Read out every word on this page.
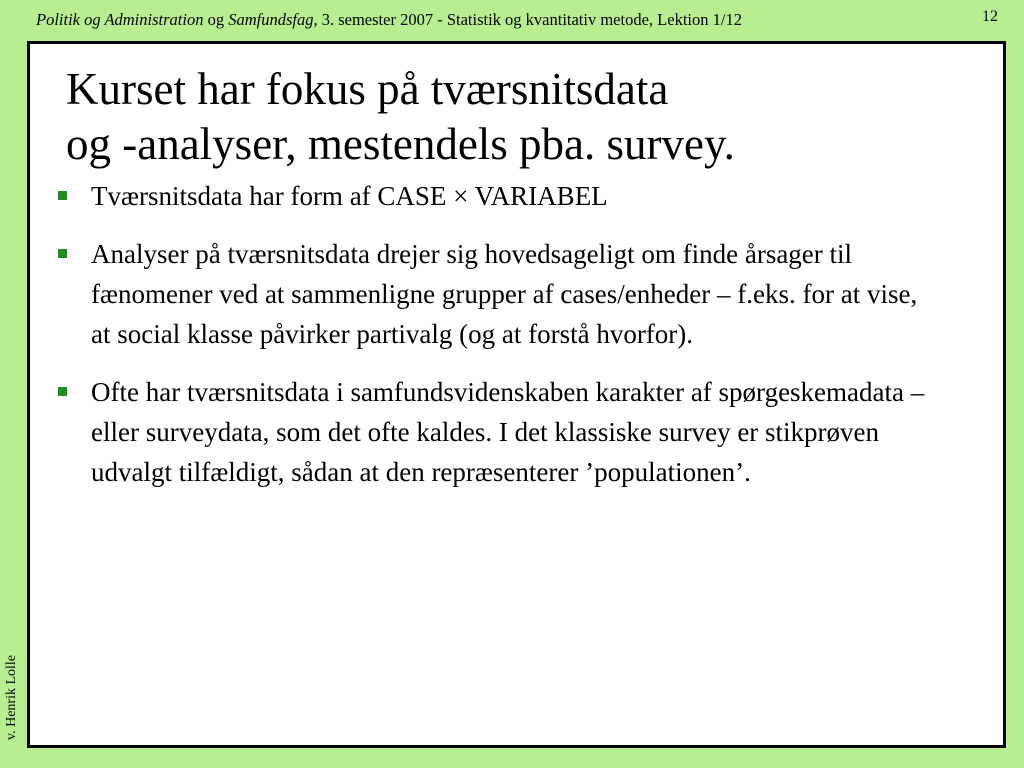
Politik og Administration og Samfundsfag, 3. semester 2007 - Statistik og kvantitativ metode, Lektion 1/12	12
Kurset har fokus på tværsnitsdata
og -analyser, mestendels pba. survey.
Tværsnitsdata har form af CASE × VARIABEL
Analyser på tværsnitsdata drejer sig hovedsageligt om finde årsager til fænomener ved at sammenligne grupper af cases/enheder – f.eks. for at vise, at social klasse påvirker partivalg (og at forstå hvorfor).
Ofte har tværsnitsdata i samfundsvidenskaben karakter af spørgeskemadata – eller surveydata, som det ofte kaldes. I det klassiske survey er stikprøven udvalgt tilfældigt, sådan at den repræsenterer ’populationen’.
v. Henrik Lolle
